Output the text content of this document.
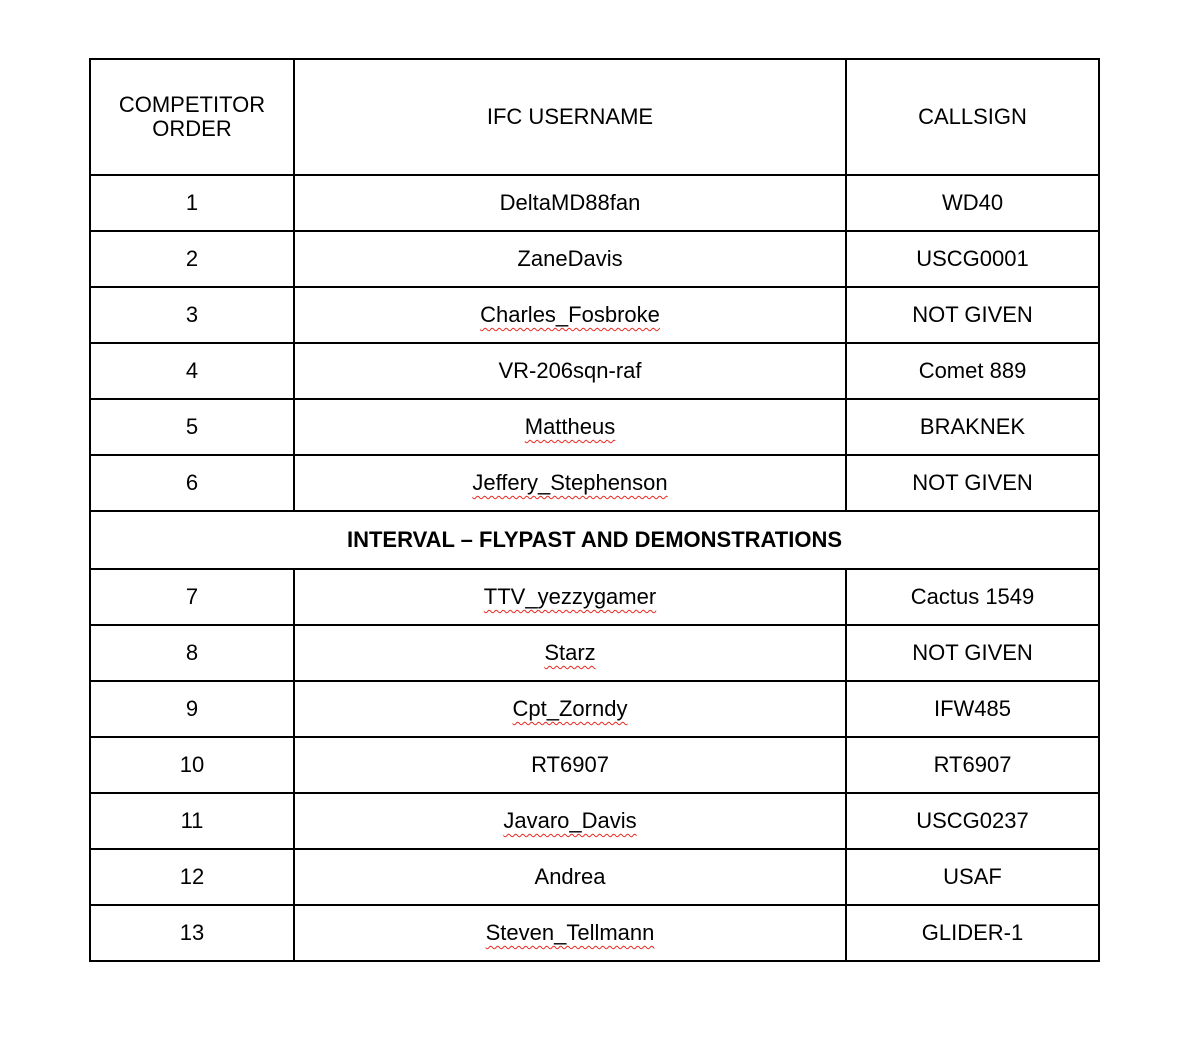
COMPETITOR ORDER	IFC USERNAME	CALLSIGN
1	DeltaMD88fan	WD40
2	ZaneDavis	USCG0001
3	Charles_Fosbroke	NOT GIVEN
4	VR-206sqn-raf	Comet 889
5	Mattheus	BRAKNEK
6	Jeffery_Stephenson	NOT GIVEN
INTERVAL – FLYPAST AND DEMONSTRATIONS		
7	TTV_yezzygamer	Cactus 1549
8	Starz	NOT GIVEN
9	Cpt_Zorndy	IFW485
10	RT6907	RT6907
11	Javaro_Davis	USCG0237
12	Andrea	USAF
13	Steven_Tellmann	GLIDER-1
